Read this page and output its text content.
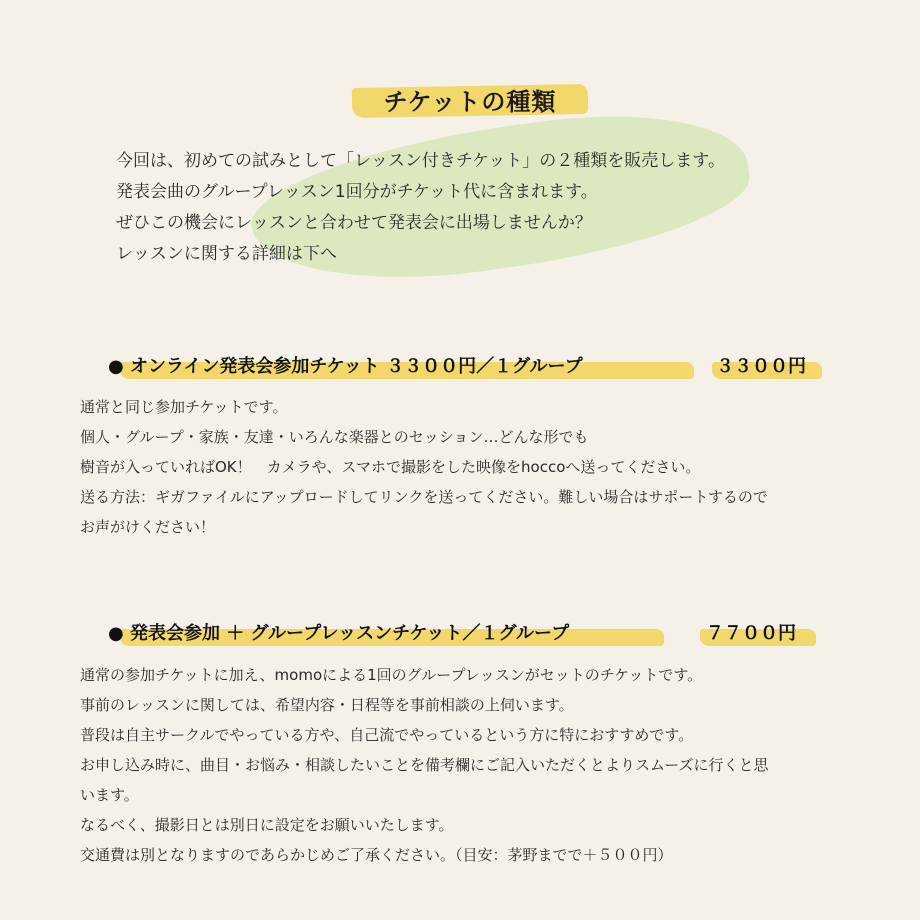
チケットの種類

今回は、初めての試みとして「レッスン付きチケット」の２種類を販売します。

発表会曲のグループレッスン1回分がチケット代に含まれます。

ぜひこの機会にレッスンと合わせて発表会に出場しませんか？

レッスンに関する詳細は下へ

● オンライン発表会参加チケット ３３００円／１グループ	３３００円

通常と同じ参加チケットです。

個人・グループ・家族・友達・いろんな楽器とのセッション…どんな形でも

樹音が入っていればOK！　カメラや、スマホで撮影をした映像をhoccoへ送ってください。

送る方法：ギガファイルにアップロードしてリンクを送ってください。難しい場合はサポートするので

お声がけください！

● 発表会参加 ＋ グループレッスンチケット／１グループ	７７００円

通常の参加チケットに加え、momoによる1回のグループレッスンがセットのチケットです。

事前のレッスンに関しては、希望内容・日程等を事前相談の上伺います。

普段は自主サークルでやっている方や、自己流でやっているという方に特におすすめです。

お申し込み時に、曲目・お悩み・相談したいことを備考欄にご記入いただくとよりスムーズに行くと思

います。

なるべく、撮影日とは別日に設定をお願いいたします。

交通費は別となりますのであらかじめご了承ください。（目安：茅野までで＋５００円）
